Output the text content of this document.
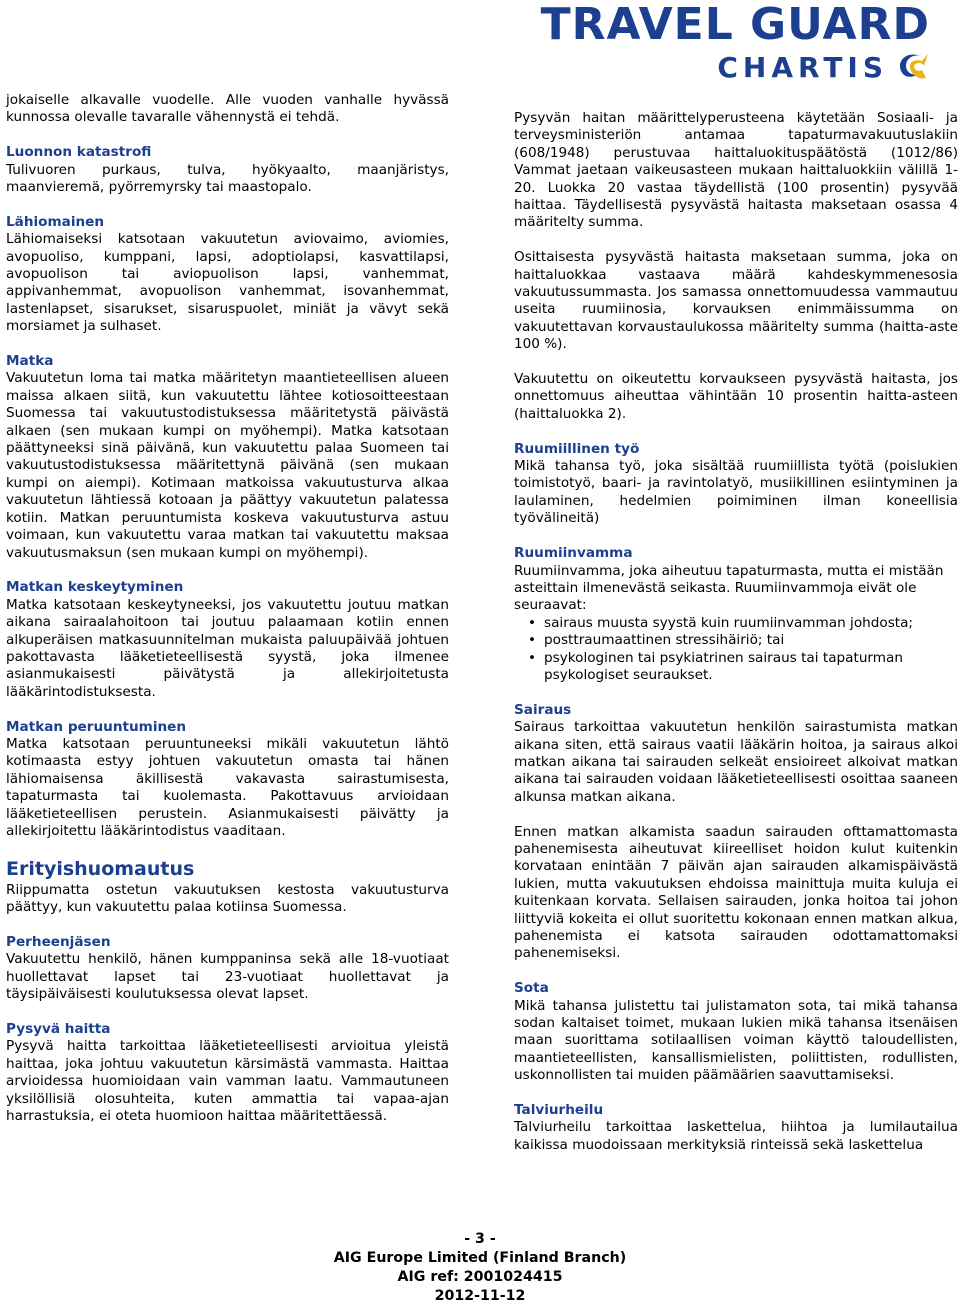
TRAVEL GUARD
CHARTIS

jokaiselle alkavalle vuodelle. Alle vuoden vanhalle hyvässä kunnossa olevalle tavaralle vähennystä ei tehdä.

Luonnon katastrofi
Tulivuoren purkaus, tulva, hyökyaalto, maanjäristys, maanvieremä, pyörremyrsky tai maastopalo.
Lähiomainen
Lähiomaiseksi katsotaan vakuutetun aviovaimo, aviomies, avopuoliso, kumppani, lapsi, adoptiolapsi, kasvattilapsi, avopuolison tai aviopuolison lapsi, vanhemmat, appivanhemmat, avopuolison vanhemmat, isovanhemmat, lastenlapset, sisarukset, sisaruspuolet, miniät ja vävyt sekä morsiamet ja sulhaset.
Matka
Vakuutetun loma tai matka määritetyn maantieteellisen alueen maissa alkaen siitä, kun vakuutettu lähtee kotiosoitteestaan Suomessa tai vakuutustodistuksessa määritetystä päivästä alkaen (sen mukaan kumpi on myöhempi). Matka katsotaan päättyneeksi sinä päivänä, kun vakuutettu palaa Suomeen tai vakuutustodistuksessa määritettynä päivänä (sen mukaan kumpi on aiempi). Kotimaan matkoissa vakuutusturva alkaa vakuutetun lähtiessä kotoaan ja päättyy vakuutetun palatessa kotiin. Matkan peruuntumista koskeva vakuutusturva astuu voimaan, kun vakuutettu varaa matkan tai vakuutettu maksaa vakuutusmaksun (sen mukaan kumpi on myöhempi).
Matkan keskeytyminen
Matka katsotaan keskeytyneeksi, jos vakuutettu joutuu matkan aikana sairaalahoitoon tai joutuu palaamaan kotiin ennen alkuperäisen matkasuunnitelman mukaista paluupäivää johtuen pakottavasta lääketieteellisestä syystä, joka ilmenee asianmukaisesti päivätystä ja allekirjoitetusta lääkärintodistuksesta.
Matkan peruuntuminen
Matka katsotaan peruuntuneeksi mikäli vakuutetun lähtö kotimaasta estyy johtuen vakuutetun omasta tai hänen lähiomaisensa äkillisestä vakavasta sairastumisesta, tapaturmasta tai kuolemasta. Pakottavuus arvioidaan lääketieteellisen perustein. Asianmukaisesti päivätty ja allekirjoitettu lääkärintodistus vaaditaan.
Erityishuomautus
Riippumatta ostetun vakuutuksen kestosta vakuutusturva päättyy, kun vakuutettu palaa kotiinsa Suomessa.
Perheenjäsen
Vakuutettu henkilö, hänen kumppaninsa sekä alle 18-vuotiaat huollettavat lapset tai 23-vuotiaat huollettavat ja täysipäiväisesti koulutuksessa olevat lapset.
Pysyvä haitta
Pysyvä haitta tarkoittaa lääketieteellisesti arvioitua yleistä haittaa, joka johtuu vakuutetun kärsimästä vammasta. Haittaa arvioidessa huomioidaan vain vamman laatu. Vammautuneen yksilöllisiä olosuhteita, kuten ammattia tai vapaa-ajan harrastuksia, ei oteta huomioon haittaa määritettäessä.

Pysyvän haitan määrittelyperusteena käytetään Sosiaali- ja terveysministeriön antamaa tapaturmavakuutuslakiin (608/1948) perustuvaa haittaluokituspäätöstä (1012/86) Vammat jaetaan vaikeusasteen mukaan haittaluokkiin välillä 1-20. Luokka 20 vastaa täydellistä (100 prosentin) pysyvää haittaa. Täydellisestä pysyvästä haitasta maksetaan osassa 4 määritelty summa.

Osittaisesta pysyvästä haitasta maksetaan summa, joka on haittaluokkaa vastaava määrä kahdeskymmenesosia vakuutussummasta. Jos samassa onnettomuudessa vammautuu useita ruumiinosia, korvauksen enimmäissumma on vakuutettavan korvaustaulukossa määritelty summa (haitta-aste 100 %).

Vakuutettu on oikeutettu korvaukseen pysyvästä haitasta, jos onnettomuus aiheuttaa vähintään 10 prosentin haitta-asteen (haittaluokka 2).

Ruumiillinen työ
Mikä tahansa työ, joka sisältää ruumiillista työtä (poislukien toimistotyö, baari- ja ravintolatyö, musiikillinen esiintyminen ja laulaminen, hedelmien poimiminen ilman koneellisia työvälineitä)
Ruumiinvamma
Ruumiinvamma, joka aiheutuu tapaturmasta, mutta ei mistään asteittain ilmenevästä seikasta. Ruumiinvammoja eivät ole seuraavat:
• sairaus muusta syystä kuin ruumiinvamman johdosta;
• posttraumaattinen stressihäiriö; tai
• psykologinen tai psykiatrinen sairaus tai tapaturman psykologiset seuraukset.
Sairaus
Sairaus tarkoittaa vakuutetun henkilön sairastumista matkan aikana siten, että sairaus vaatii lääkärin hoitoa, ja sairaus alkoi matkan aikana tai sairauden selkeät ensioireet alkoivat matkan aikana tai sairauden voidaan lääketieteellisesti osoittaa saaneen alkunsa matkan aikana.

Ennen matkan alkamista saadun sairauden ofttamattomasta pahenemisesta aiheutuvat kiireelliset hoidon kulut kuitenkin korvataan enintään 7 päivän ajan sairauden alkamispäivästä lukien, mutta vakuutuksen ehdoissa mainittuja muita kuluja ei kuitenkaan korvata. Sellaisen sairauden, jonka hoitoa tai johon liittyviä kokeita ei ollut suoritettu kokonaan ennen matkan alkua, pahenemista ei katsota sairauden odottamattomaksi pahenemiseksi.

Sota
Mikä tahansa julistettu tai julistamaton sota, tai mikä tahansa sodan kaltaiset toimet, mukaan lukien mikä tahansa itsenäisen maan suorittama sotilaallisen voiman käyttö taloudellisten, maantieteellisten, kansallismielisten, poliittisten, rodullisten, uskonnollisten tai muiden päämäärien saavuttamiseksi.
Talviurheilu
Talviurheilu tarkoittaa laskettelua, hiihtoa ja lumilautailua kaikissa muodoissaan merkityksiä rinteissä sekä laskettelua
- 3 -
AIG Europe Limited (Finland Branch)
AIG ref: 2001024415
2012-11-12
